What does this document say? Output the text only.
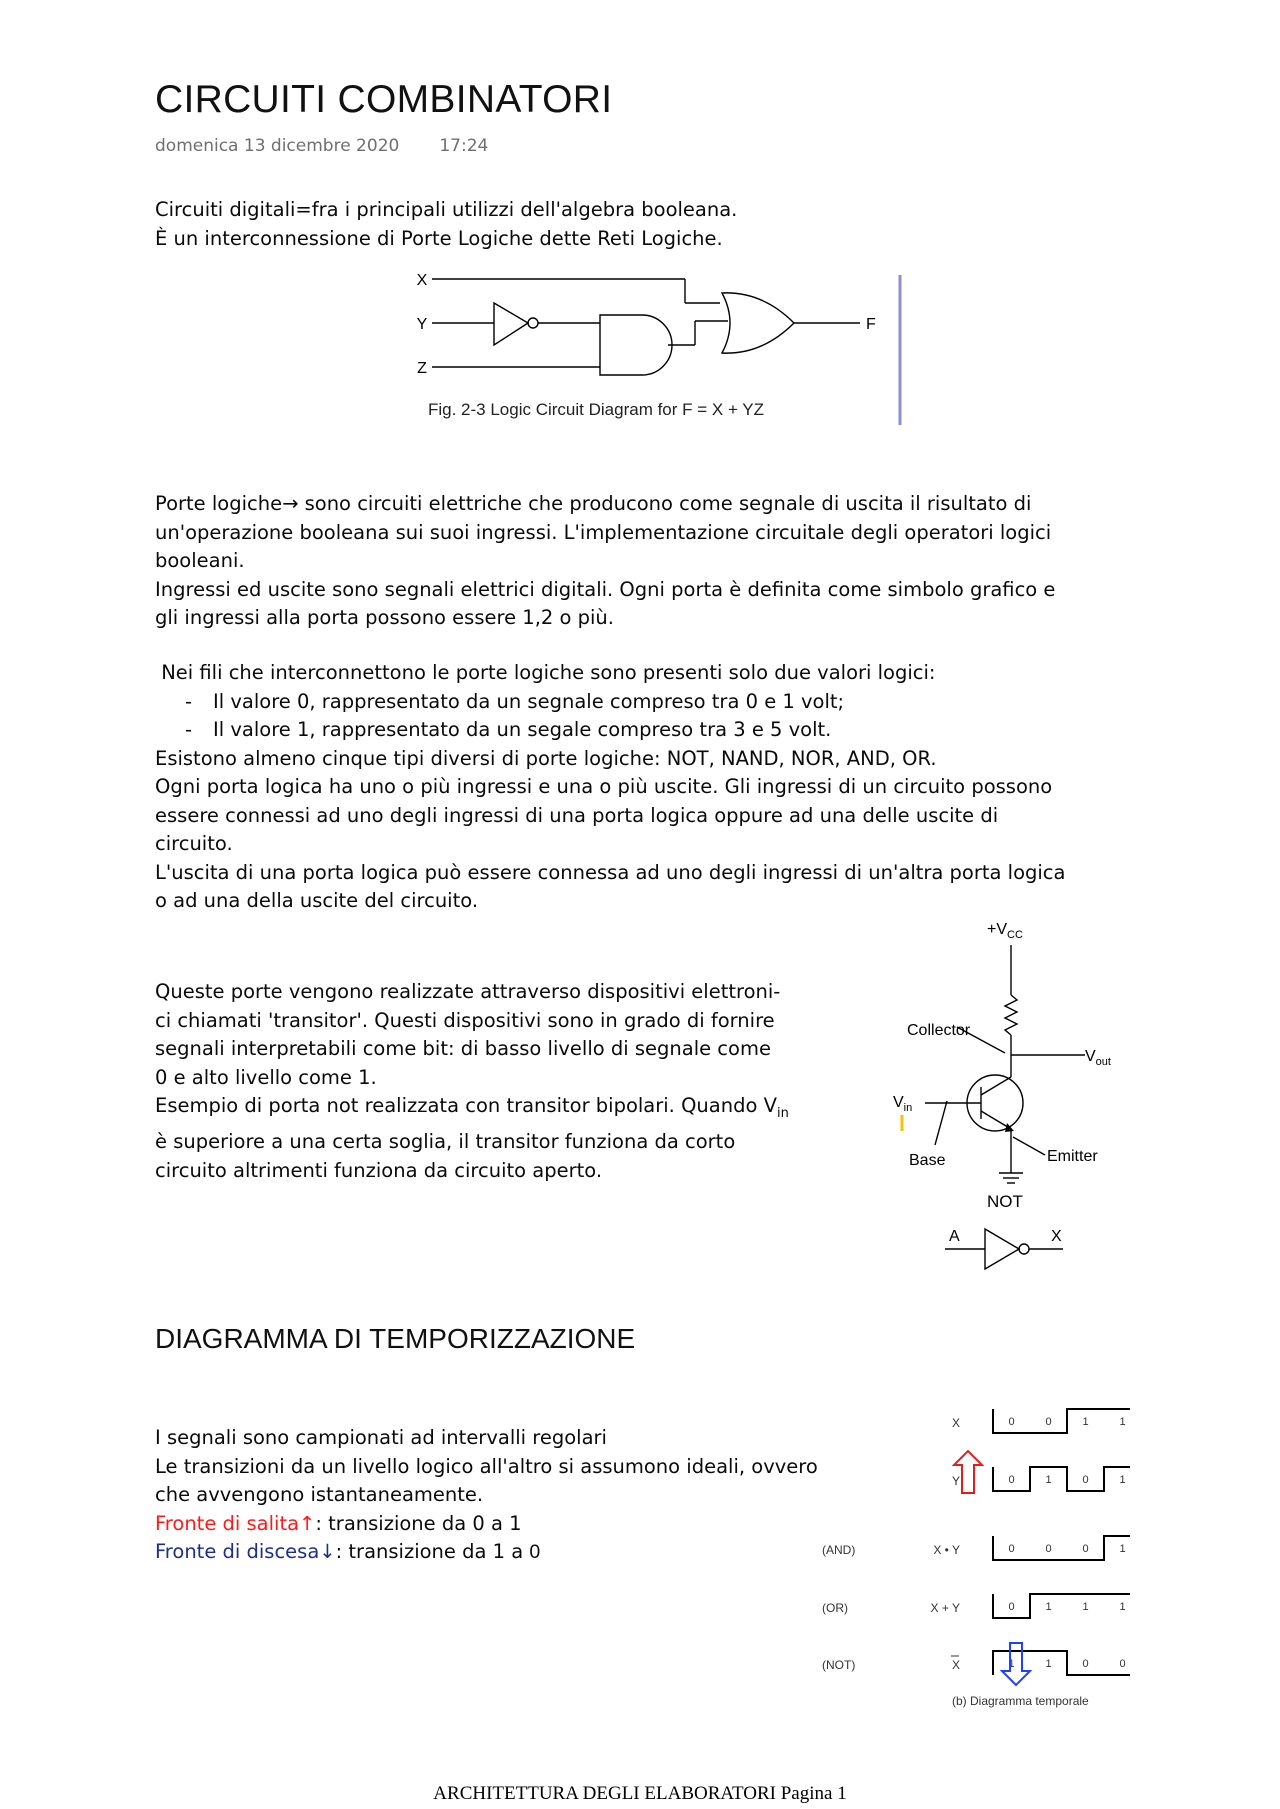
CIRCUITI COMBINATORI
domenica 13 dicembre 2020 17:24
Circuiti digitali=fra i principali utilizzi dell'algebra booleana.
È un interconnessione di Porte Logiche dette Reti Logiche.
X
Y
Z
F
Fig. 2-3 Logic Circuit Diagram for F = X + YZ
Porte logiche→ sono circuiti elettriche che producono come segnale di uscita il risultato di
un'operazione booleana sui suoi ingressi. L'implementazione circuitale degli operatori logici
booleani.
Ingressi ed uscite sono segnali elettrici digitali. Ogni porta è definita come simbolo grafico e
gli ingressi alla porta possono essere 1,2 o più.
Nei fili che interconnettono le porte logiche sono presenti solo due valori logici:
- Il valore 0, rappresentato da un segnale compreso tra 0 e 1 volt;
- Il valore 1, rappresentato da un segale compreso tra 3 e 5 volt.
Esistono almeno cinque tipi diversi di porte logiche: NOT, NAND, NOR, AND, OR.
Ogni porta logica ha uno o più ingressi e una o più uscite. Gli ingressi di un circuito possono
essere connessi ad uno degli ingressi di una porta logica oppure ad una delle uscite di
circuito.
L'uscita di una porta logica può essere connessa ad uno degli ingressi di un'altra porta logica
o ad una della uscite del circuito.
Queste porte vengono realizzate attraverso dispositivi elettroni-
ci chiamati 'transitor'. Questi dispositivi sono in grado di fornire
segnali interpretabili come bit: di basso livello di segnale come
0 e alto livello come 1.
Esempio di porta not realizzata con transitor bipolari. Quando $V_{in}$
è superiore a una certa soglia, il transitor funziona da corto
circuito altrimenti funziona da circuito aperto.
$+V_{CC}$
Collector
$V_{out}$
$V_{in}$
Base	Emitter
NOT
A	X
DIAGRAMMA DI TEMPORIZZAZIONE
I segnali sono campionati ad intervalli regolari
Le transizioni da un livello logico all'altro si assumono ideali, ovvero
che avvengono istantaneamente.
Fronte di salita↑: transizione da 0 a 1
Fronte di discesa↓: transizione da 1 a 0
X	0	0	1	1
Y	0	1	0	1
(AND)	X • Y	0	0	0	1
(OR)	X + Y	0	1	1	1
(NOT)	X	1	1	0	0
(b) Diagramma temporale
ARCHITETTURA DEGLI ELABORATORI Pagina 1
